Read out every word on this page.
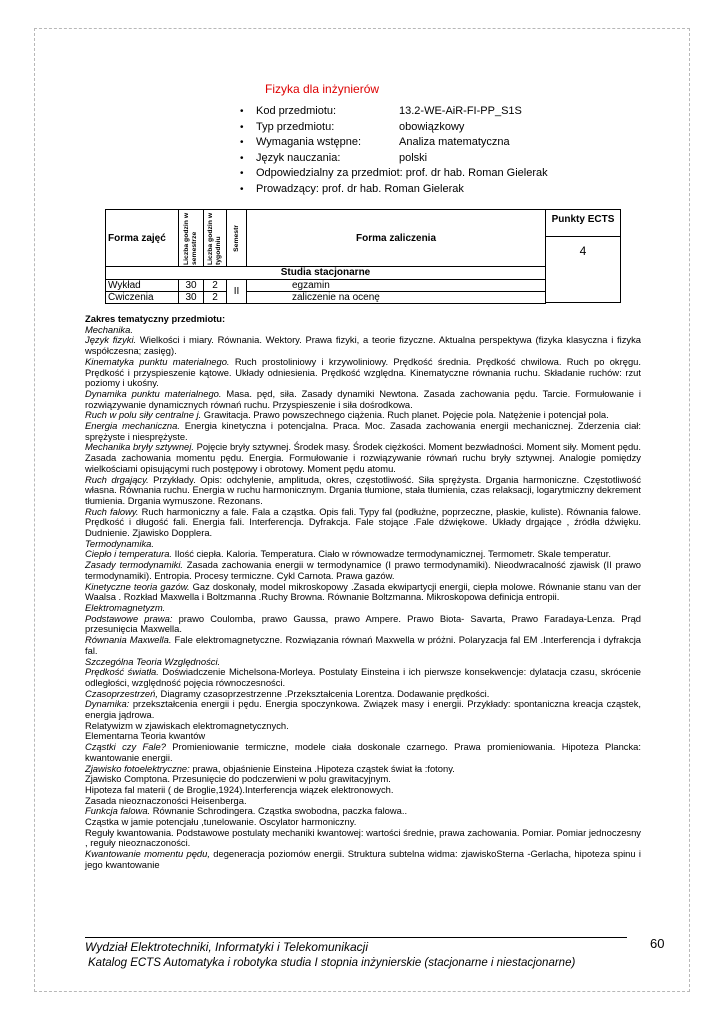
Fizyka dla inżynierów
•	Kod przedmiotu:	13.2-WE-AiR-FI-PP_S1S
•	Typ przedmiotu:	obowiązkowy
•	Wymagania wstępne:	Analiza matematyczna
•	Język nauczania:	polski
•	Odpowiedzialny za przedmiot: prof. dr hab. Roman Gielerak
•	Prowadzący: prof. dr hab. Roman Gielerak
Forma zajęć	Liczba godzin w semestrze	Liczba godzin w tygodniu	Semestr	Forma zaliczenia
Studia stacjonarne				
Wykład	30	2	II	egzamin
Ćwiczenia	30	2		zaliczenie na ocenę
Punkty ECTS
4
Zakres tematyczny przedmiotu:

Mechanika.

Język fizyki. Wielkości i miary. Równania. Wektory. Prawa fizyki, a teorie fizyczne. Aktualna perspektywa (fizyka klasyczna i fizyka współczesna; zasięg).

Kinematyka punktu materialnego. Ruch prostoliniowy i krzywoliniowy. Prędkość średnia. Prędkość chwilowa. Ruch po okręgu. Prędkość i przyspieszenie kątowe. Układy odniesienia. Prędkość względna. Kinematyczne równania ruchu. Składanie ruchów: rzut poziomy i ukośny.

Dynamika punktu materialnego. Masa. pęd, siła. Zasady dynamiki Newtona. Zasada zachowania pędu. Tarcie. Formułowanie i rozwiązywanie dynamicznych równań ruchu. Przyspieszenie i siła dośrodkowa.

Ruch w polu siły centralne j. Grawitacja. Prawo powszechnego ciążenia. Ruch planet. Pojęcie pola. Natężenie i potencjał pola.

Energia mechaniczna. Energia kinetyczna i potencjalna. Praca. Moc. Zasada zachowania energii mechanicznej. Zderzenia ciał: sprężyste i niesprężyste.

Mechanika bryły sztywnej. Pojęcie bryły sztywnej. Środek masy. Środek ciężkości. Moment bezwładności. Moment siły. Moment pędu. Zasada zachowania momentu pędu. Energia. Formułowanie i rozwiązywanie równań ruchu bryły sztywnej. Analogie pomiędzy wielkościami opisującymi ruch postępowy i obrotowy. Moment pędu atomu.

Ruch drgający. Przykłady. Opis: odchylenie, amplituda, okres, częstotliwość. Siła sprężysta. Drgania harmoniczne. Częstotliwość własna. Równania ruchu. Energia w ruchu harmonicznym. Drgania tłumione, stała tłumienia, czas relaksacji, logarytmiczny dekrement tłumienia. Drgania wymuszone. Rezonans.

Ruch falowy. Ruch harmoniczny a fale. Fala a cząstka. Opis fali. Typy fal (podłużne, poprzeczne, płaskie, kuliste). Równania falowe. Prędkość i długość fali. Energia fali. Interferencja. Dyfrakcja. Fale stojące .Fale dźwiękowe. Układy drgające , źródła dźwięku. Dudnienie. Zjawisko Dopplera.

Termodynamika.

Ciepło i temperatura. Ilość ciepła. Kaloria. Temperatura. Ciało w równowadze termodynamicznej. Termometr. Skale temperatur.

Zasady termodynamiki. Zasada zachowania energii w termodynamice (I prawo termodynamiki). Nieodwracalność zjawisk (II prawo termodynamiki). Entropia. Procesy termiczne. Cykl Carnota. Prawa gazów.

Kinetyczne teoria gazów. Gaz doskonały, model mikroskopowy .Zasada ekwipartycji energii, ciepła molowe. Równanie stanu van der Waalsa . Rozkład Maxwella i Boltzmanna .Ruchy Browna. Równanie Boltzmanna. Mikroskopowa definicja entropii.

Elektromagnetyzm.

Podstawowe prawa: prawo Coulomba, prawo Gaussa, prawo Ampere. Prawo Biota- Savarta, Prawo Faradaya-Lenza. Prąd przesunięcia Maxwella.

Równania Maxwella. Fale elektromagnetyczne. Rozwiązania równań Maxwella w próżni. Polaryzacja fal EM .Interferencja i dyfrakcja fal.

Szczególna Teoria Względności.

Prędkość światła. Doświadczenie Michelsona-Morleya. Postulaty Einsteina i ich pierwsze konsekwencje: dylatacja czasu, skrócenie odległości, względność pojęcia równoczesności.

Czasoprzestrzeń, Diagramy czasoprzestrzenne .Przekształcenia Lorentza. Dodawanie prędkości.

Dynamika: przekształcenia energii i pędu. Energia spoczynkowa. Związek masy i energii. Przykłady: spontaniczna kreacja cząstek, energia jądrowa.

Relatywizm w zjawiskach elektromagnetycznych.

Elementarna Teoria kwantów

Cząstki czy Fale? Promieniowanie termiczne, modele ciała doskonale czarnego. Prawa promieniowania. Hipoteza Plancka: kwantowanie energii.

Zjawisko fotoelektryczne: prawa, objaśnienie Einsteina .Hipoteza cząstek świat ła :fotony.

Zjawisko Comptona. Przesunięcie do podczerwieni w polu grawitacyjnym.

Hipoteza fal materii ( de Broglie,1924).Interferencja wiązek elektronowych.

Zasada nieoznaczoności Heisenberga.

Funkcja falowa. Równanie Schrodingera. Cząstka swobodna, paczka falowa..

Cząstka w jamie potencjału ,tunelowanie. Oscylator harmoniczny.

Reguły kwantowania. Podstawowe postulaty mechaniki kwantowej: wartości średnie, prawa zachowania. Pomiar. Pomiar jednoczesny , reguły nieoznaczoności.

Kwantowanie momentu pędu, degeneracja poziomów energii. Struktura subtelna widma: zjawiskoSterna -Gerlacha, hipoteza spinu i jego kwantowanie

Wydział Elektrotechniki, Informatyki i Telekomunikacji
Katalog ECTS Automatyka i robotyka studia I stopnia inżynierskie (stacjonarne i niestacjonarne)
60
